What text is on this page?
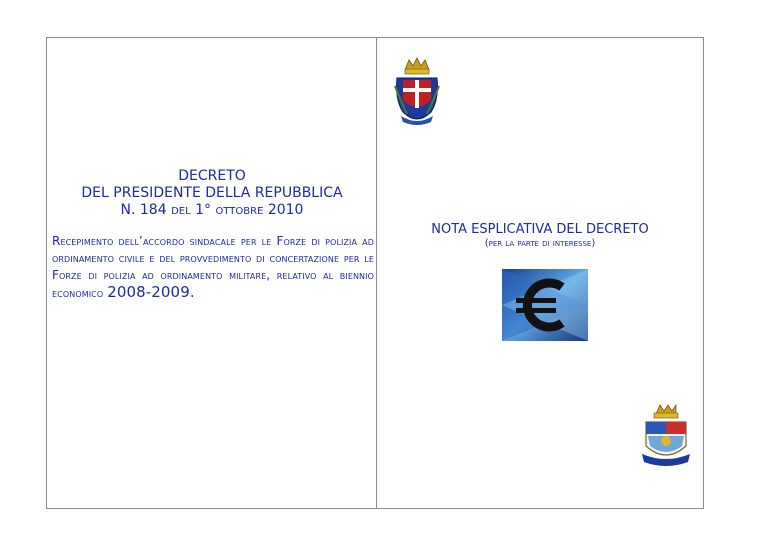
DECRETO
DEL PRESIDENTE DELLA REPUBBLICA
N. 184 del 1° ottobre 2010
Recepimento dell’accordo sindacale per le Forze di polizia ad ordinamento civile e del provvedimento di concertazione per le Forze di polizia ad ordinamento militare, relativo al biennio economico 2008-2009.
NOTA ESPLICATIVA DEL DECRETO
(per la parte di interesse)
